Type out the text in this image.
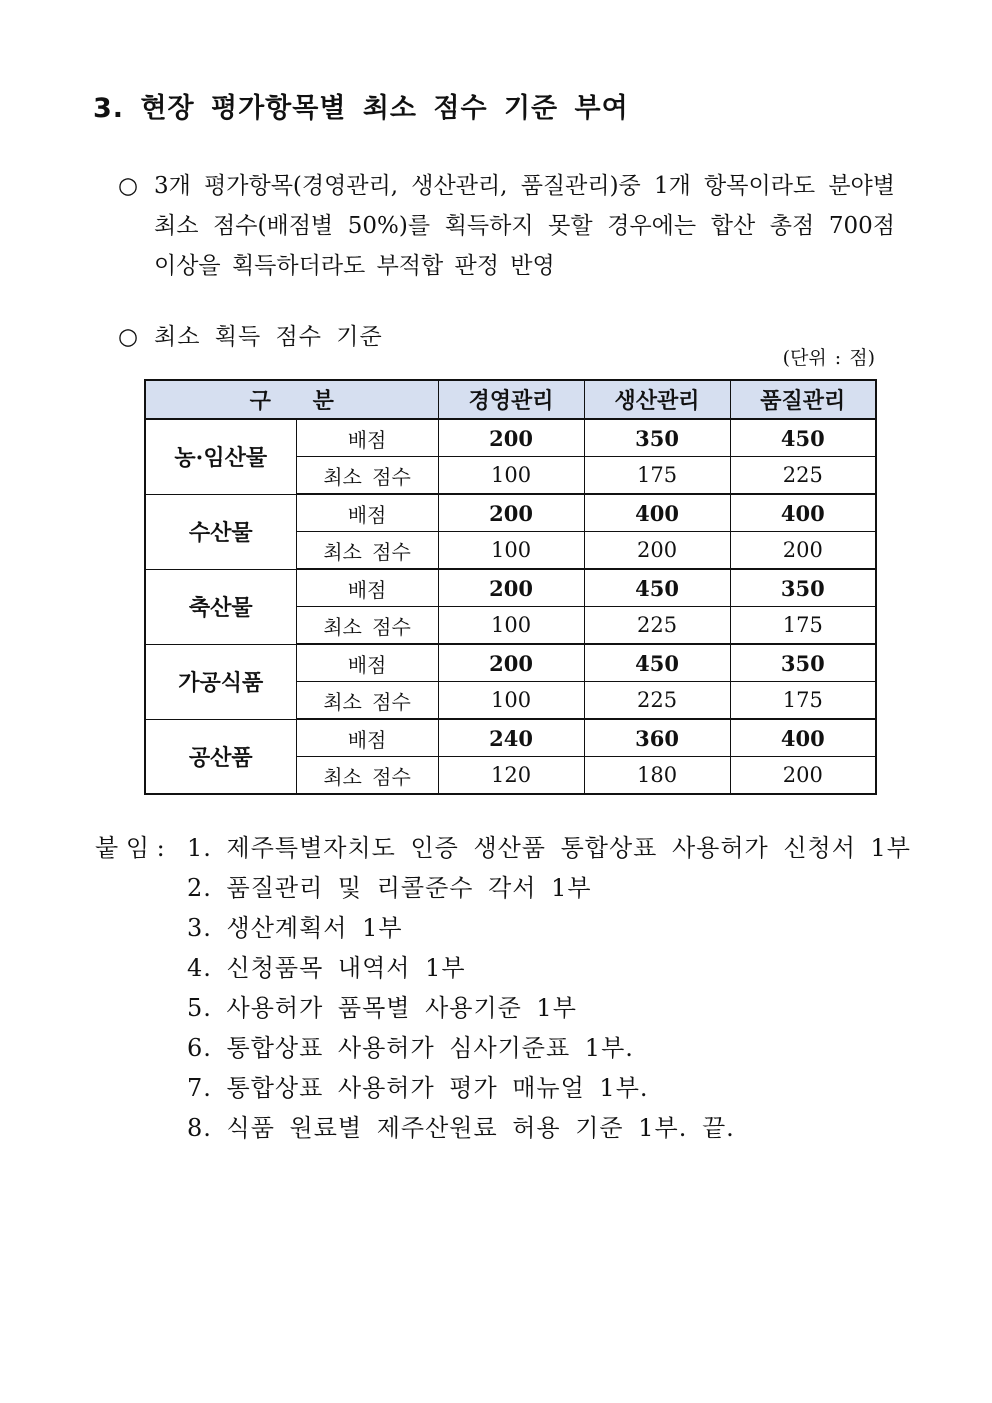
3. 현장 평가항목별 최소 점수 기준 부여
○ 3개 평가항목(경영관리, 생산관리, 품질관리)중 1개 항목이라도 분야별 최소 점수(배점별 50%)를 획득하지 못할 경우에는 합산 총점 700점 이상을 획득하더라도 부적합 판정 반영
○ 최소 획득 점수 기준
(단위 : 점)
구 분		경영관리	생산관리	품질관리
농·임산물	배점	200	350	450
	최소 점수	100	175	225
수산물	배점	200	400	400
	최소 점수	100	200	200
축산물	배점	200	450	350
	최소 점수	100	225	175
가공식품	배점	200	450	350
	최소 점수	100	225	175
공산품	배점	240	360	400
	최소 점수	120	180	200
붙 임 : 1. 제주특별자치도 인증 생산품 통합상표 사용허가 신청서 1부
2. 품질관리 및 리콜준수 각서 1부
3. 생산계획서 1부
4. 신청품목 내역서 1부
5. 사용허가 품목별 사용기준 1부
6. 통합상표 사용허가 심사기준표 1부.
7. 통합상표 사용허가 평가 매뉴얼 1부.
8. 식품 원료별 제주산원료 허용 기준 1부. 끝.
